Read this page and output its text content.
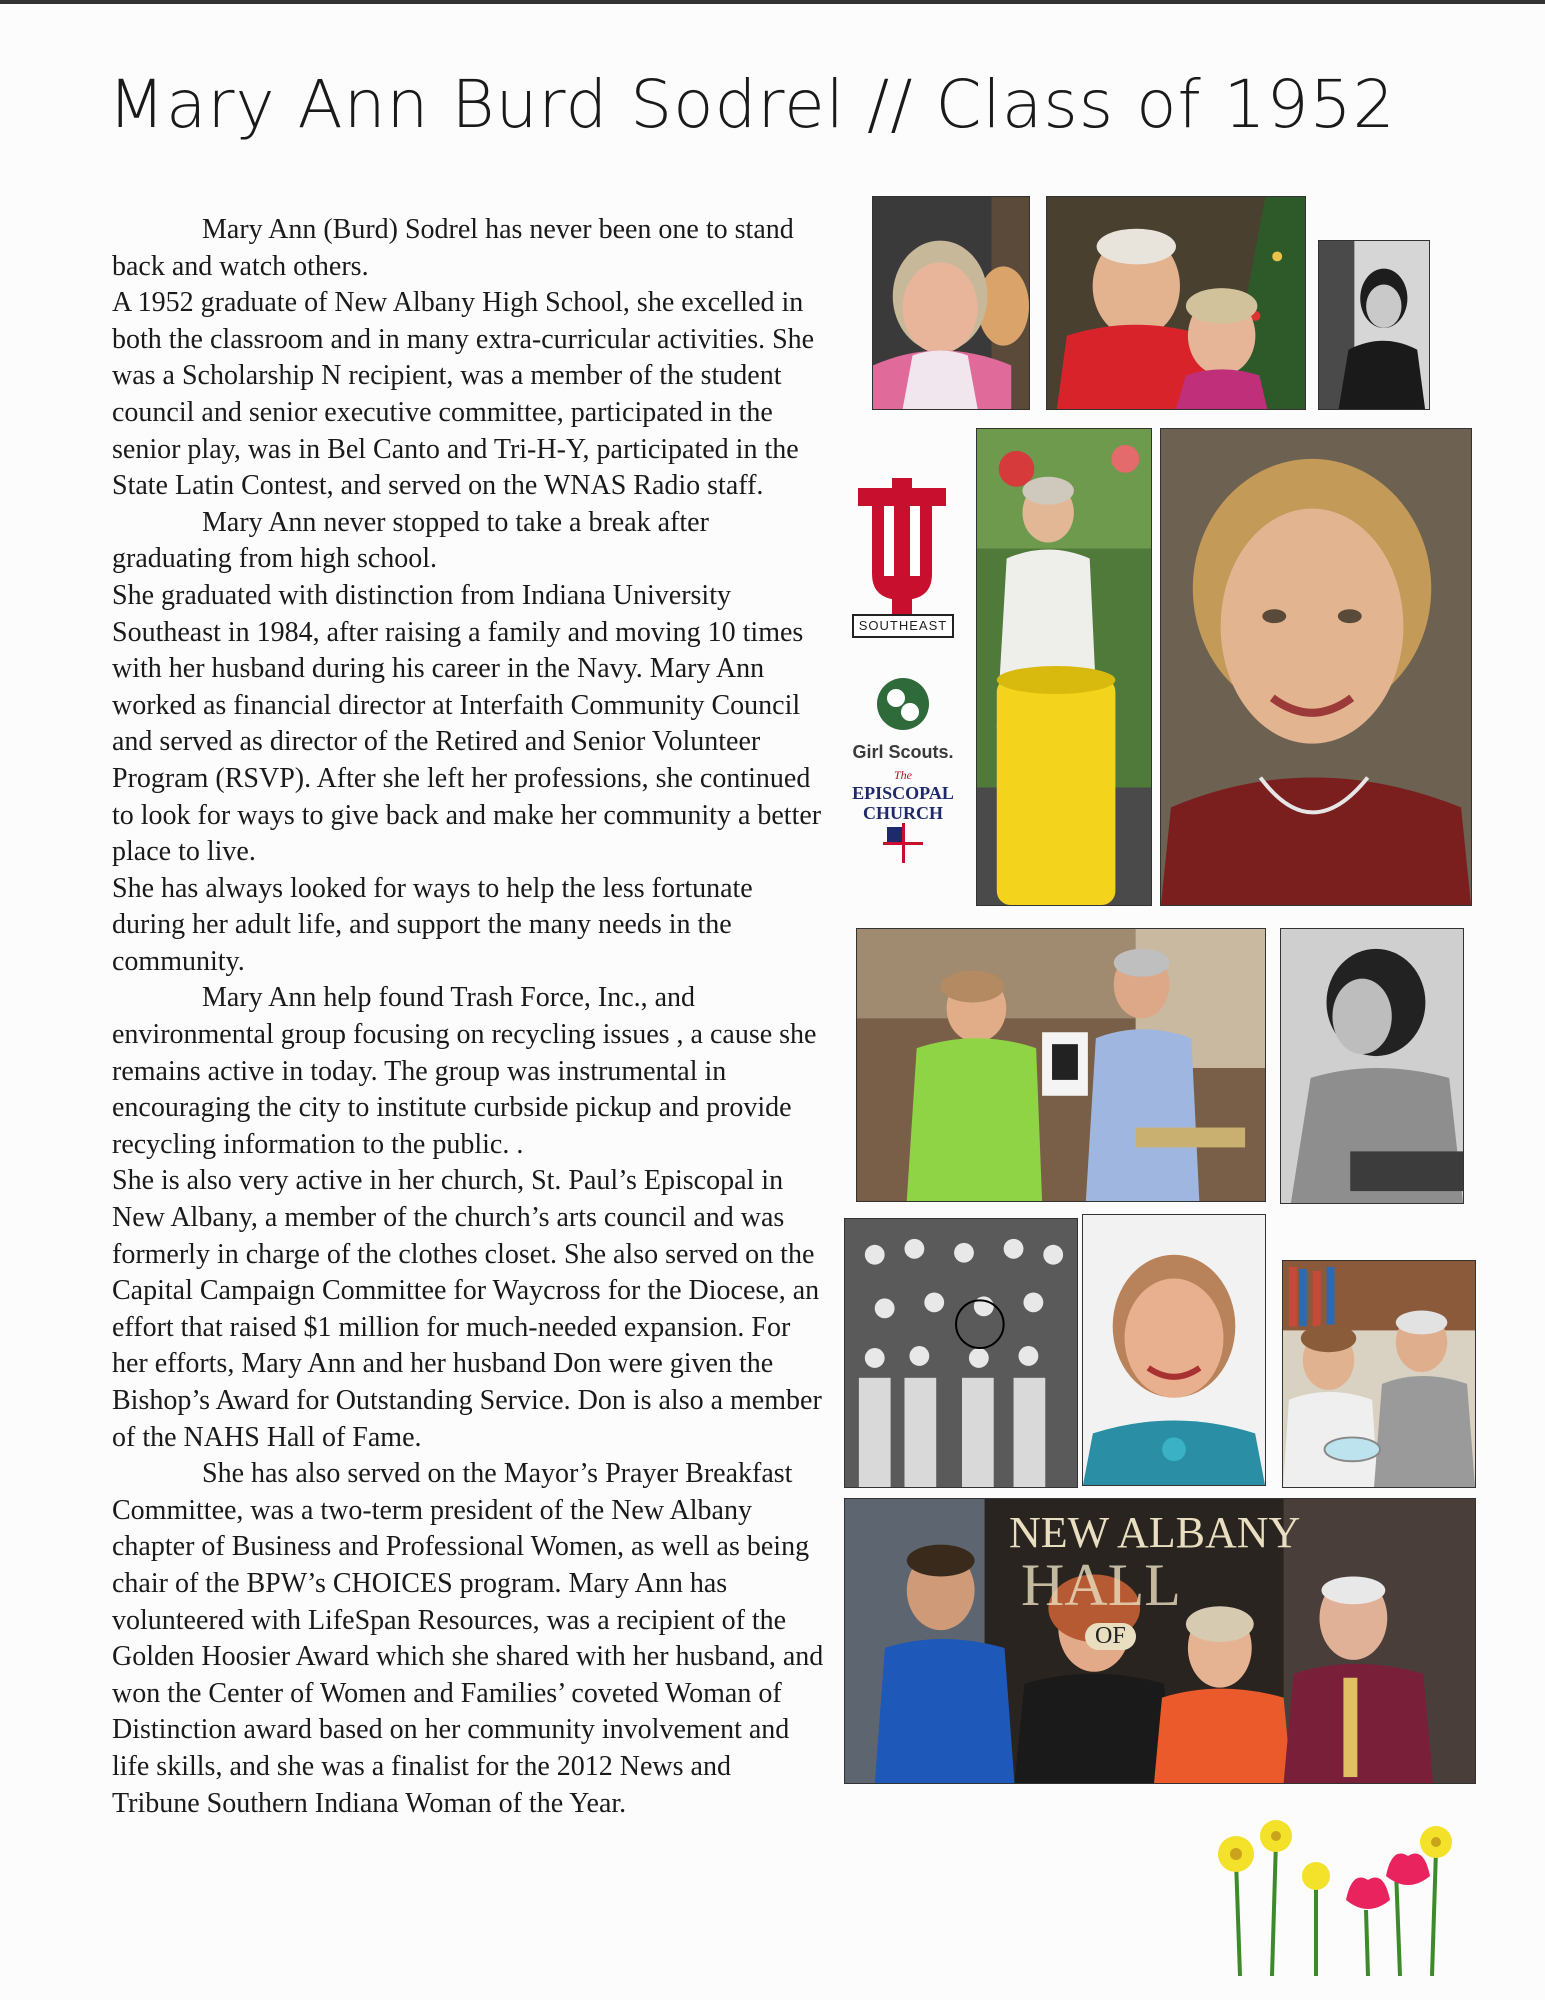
Mary Ann Burd Sodrel // Class of 1952

Mary Ann (Burd) Sodrel has never been one to stand back and watch others.

A 1952 graduate of New Albany High School, she excelled in both the classroom and in many extra-curricular activities. She was a Scholarship N recipient, was a member of the student council and senior executive committee, participated in the senior play, was in Bel Canto and Tri-H-Y, participated in the State Latin Contest, and served on the WNAS Radio staff.

Mary Ann never stopped to take a break after graduating from high school.

She graduated with distinction from Indiana University Southeast in 1984, after raising a family and moving 10 times with her husband during his career in the Navy. Mary Ann worked as financial director at Interfaith Community Council and served as director of the Retired and Senior Volunteer Program (RSVP). After she left her professions, she continued to look for ways to give back and make her community a better place to live.

She has always looked for ways to help the less fortunate during her adult life, and support the many needs in the community.

Mary Ann help found Trash Force, Inc., and environmental group focusing on recycling issues , a cause she remains active in today. The group was instrumental in encouraging the city to institute curbside pickup and provide recycling information to the public. .

She is also very active in her church, St. Paul’s Episcopal in New Albany, a member of the church’s arts council and was formerly in charge of the clothes closet. She also served on the Capital Campaign Committee for Waycross for the Diocese, an effort that raised $1 million for much-needed expansion. For her efforts, Mary Ann and her husband Don were given the Bishop’s Award for Outstanding Service. Don is also a member of the NAHS Hall of Fame.

She has also served on the Mayor’s Prayer Breakfast Committee, was a two-term president of the New Albany chapter of Business and Professional Women, as well as being chair of the BPW’s CHOICES program. Mary Ann has volunteered with LifeSpan Resources, was a recipient of the Golden Hoosier Award which she shared with her husband, and won the Center of Women and Families’ coveted Woman of Distinction award based on her community involvement and life skills, and she was a finalist for the 2012 News and Tribune Southern Indiana Woman of the Year.

SOUTHEAST
Girl Scouts.
The
EPISCOPAL
CHURCH
NEW ALBANY
HALL
OF
